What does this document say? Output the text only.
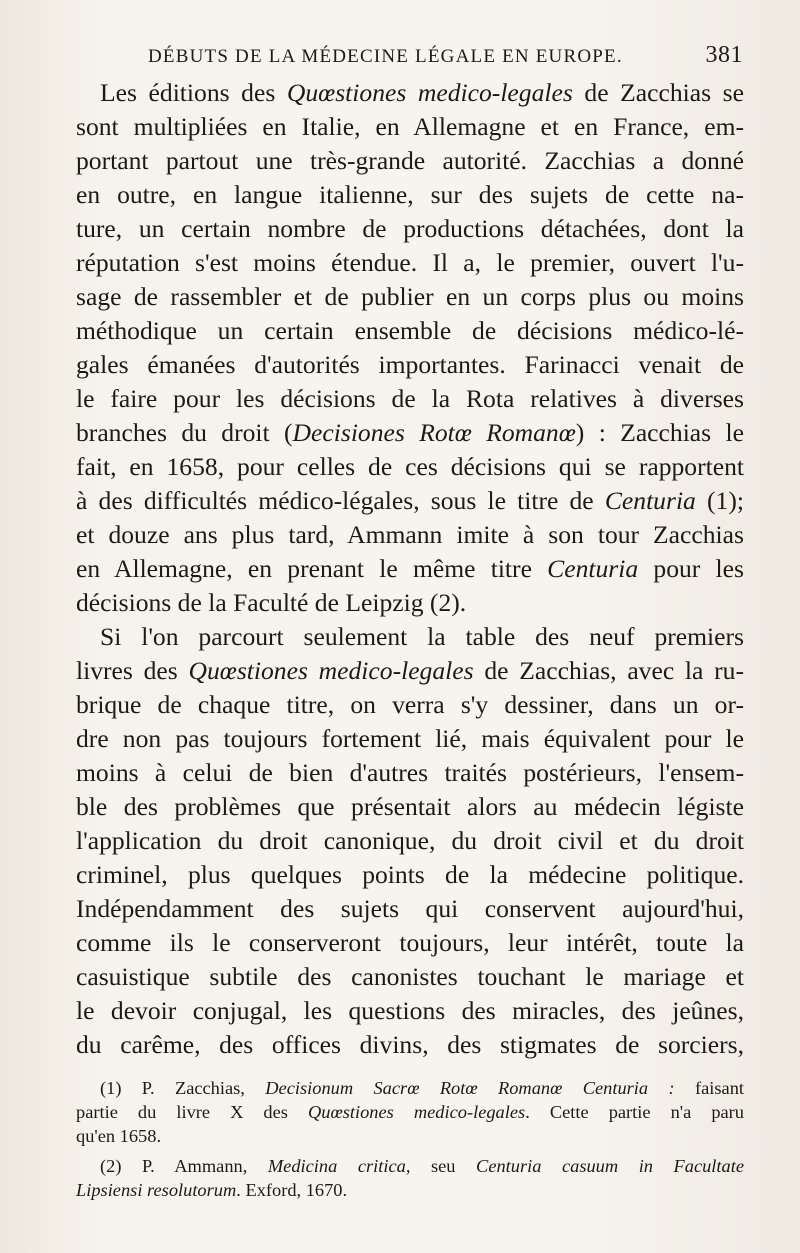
DÉBUTS DE LA MÉDECINE LÉGALE EN EUROPE.	381
Les éditions des Quœstiones medico-legales de Zacchias se
sont multipliées en Italie, en Allemagne et en France, em-
portant partout une très-grande autorité. Zacchias a donné
en outre, en langue italienne, sur des sujets de cette na-
ture, un certain nombre de productions détachées, dont la
réputation s'est moins étendue. Il a, le premier, ouvert l'u-
sage de rassembler et de publier en un corps plus ou moins
méthodique un certain ensemble de décisions médico-lé-
gales émanées d'autorités importantes. Farinacci venait de
le faire pour les décisions de la Rota relatives à diverses
branches du droit (Decisiones Rotœ Romanœ) : Zacchias le
fait, en 1658, pour celles de ces décisions qui se rapportent
à des difficultés médico-légales, sous le titre de Centuria (1);
et douze ans plus tard, Ammann imite à son tour Zacchias
en Allemagne, en prenant le même titre Centuria pour les
décisions de la Faculté de Leipzig (2).
Si l'on parcourt seulement la table des neuf premiers
livres des Quœstiones medico-legales de Zacchias, avec la ru-
brique de chaque titre, on verra s'y dessiner, dans un or-
dre non pas toujours fortement lié, mais équivalent pour le
moins à celui de bien d'autres traités postérieurs, l'ensem-
ble des problèmes que présentait alors au médecin légiste
l'application du droit canonique, du droit civil et du droit
criminel, plus quelques points de la médecine politique.
Indépendamment des sujets qui conservent aujourd'hui,
comme ils le conserveront toujours, leur intérêt, toute la
casuistique subtile des canonistes touchant le mariage et
le devoir conjugal, les questions des miracles, des jeûnes,
du carême, des offices divins, des stigmates de sorciers,
(1) P. Zacchias, Decisionum Sacrœ Rotœ Romanœ Centuria : faisant
partie du livre X des Quœstiones medico-legales. Cette partie n'a paru
qu'en 1658.
(2) P. Ammann, Medicina critica, seu Centuria casuum in Facultate
Lipsiensi resolutorum. Exford, 1670.
